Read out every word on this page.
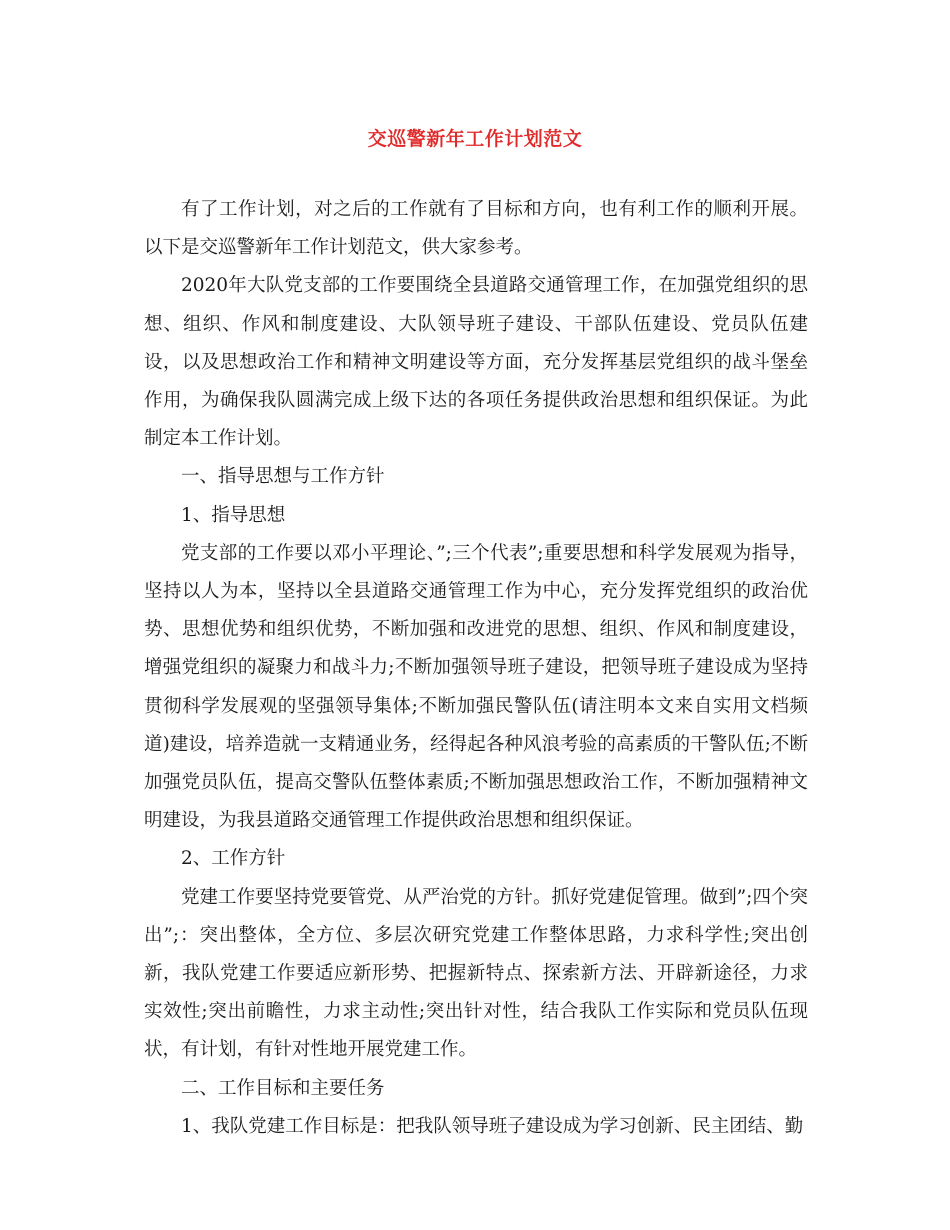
交巡警新年工作计划范文

有了工作计划，对之后的工作就有了目标和方向，也有利工作的顺利开展。以下是交巡警新年工作计划范文，供大家参考。

2020年大队党支部的工作要围绕全县道路交通管理工作，在加强党组织的思想、组织、作风和制度建设、大队领导班子建设、干部队伍建设、党员队伍建设，以及思想政治工作和精神文明建设等方面，充分发挥基层党组织的战斗堡垒作用，为确保我队圆满完成上级下达的各项任务提供政治思想和组织保证。为此制定本工作计划。

一、指导思想与工作方针

1、指导思想

党支部的工作要以邓小平理论、”;三个代表”;重要思想和科学发展观为指导，坚持以人为本，坚持以全县道路交通管理工作为中心，充分发挥党组织的政治优势、思想优势和组织优势，不断加强和改进党的思想、组织、作风和制度建设，增强党组织的凝聚力和战斗力;不断加强领导班子建设，把领导班子建设成为坚持贯彻科学发展观的坚强领导集体;不断加强民警队伍(请注明本文来自实用文档频道)建设，培养造就一支精通业务，经得起各种风浪考验的高素质的干警队伍;不断加强党员队伍，提高交警队伍整体素质;不断加强思想政治工作，不断加强精神文明建设，为我县道路交通管理工作提供政治思想和组织保证。

2、工作方针

党建工作要坚持党要管党、从严治党的方针。抓好党建促管理。做到”;四个突出”;：突出整体，全方位、多层次研究党建工作整体思路，力求科学性;突出创新，我队党建工作要适应新形势、把握新特点、探索新方法、开辟新途径，力求实效性;突出前瞻性，力求主动性;突出针对性，结合我队工作实际和党员队伍现状，有计划，有针对性地开展党建工作。

二、工作目标和主要任务

1、我队党建工作目标是：把我队领导班子建设成为学习创新、民主团结、勤
